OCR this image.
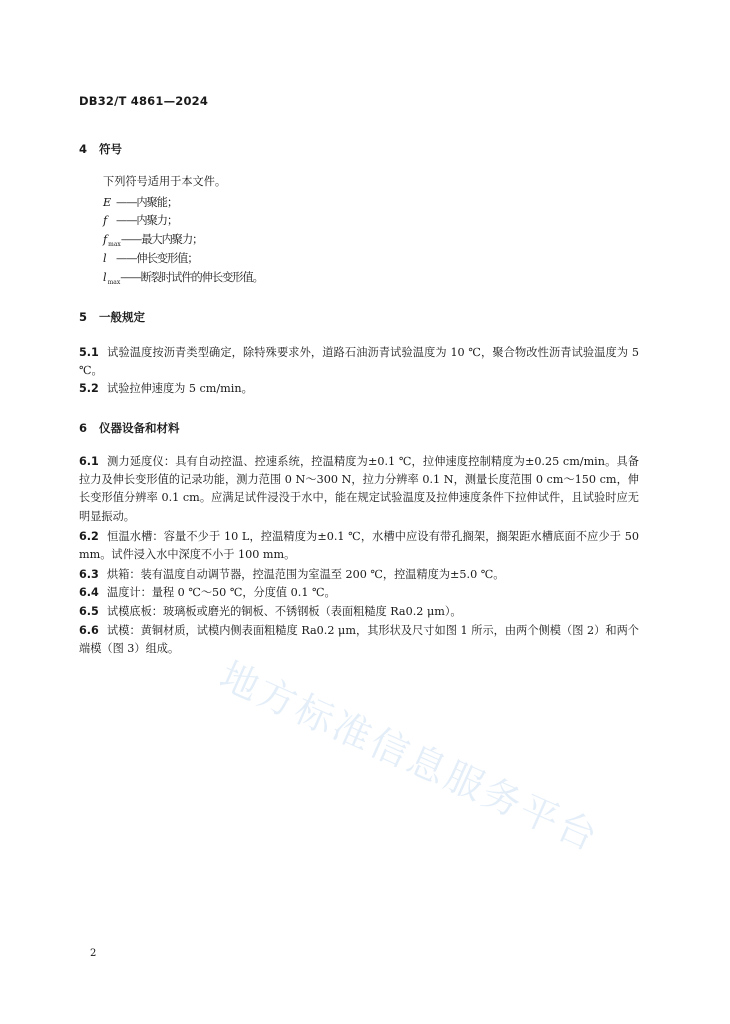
DB32/T 4861—2024
4 符号
下列符号适用于本文件。
E ——内聚能；
f ——内聚力；
$f_{max}——$最大内聚力；
l ——伸长变形值；
$l_{max}——$断裂时试件的伸长变形值。
5 一般规定
5.1 试验温度按沥青类型确定，除特殊要求外，道路石油沥青试验温度为 10 ℃，聚合物改性沥青试验温度为 5 ℃。
5.2 试验拉伸速度为 5 cm/min。
6 仪器设备和材料
6.1 测力延度仪：具有自动控温、控速系统，控温精度为±0.1 ℃，拉伸速度控制精度为±0.25 cm/min。具备拉力及伸长变形值的记录功能，测力范围 0 N～300 N，拉力分辨率 0.1 N，测量长度范围 0 cm～150 cm，伸长变形值分辨率 0.1 cm。应满足试件浸没于水中，能在规定试验温度及拉伸速度条件下拉伸试件，且试验时应无明显振动。
6.2 恒温水槽：容量不少于 10 L，控温精度为±0.1 ℃，水槽中应设有带孔搁架，搁架距水槽底面不应少于 50 mm。试件浸入水中深度不小于 100 mm。
6.3 烘箱：装有温度自动调节器，控温范围为室温至 200 ℃，控温精度为±5.0 ℃。
6.4 温度计：量程 0 ℃～50 ℃，分度值 0.1 ℃。
6.5 试模底板：玻璃板或磨光的铜板、不锈钢板（表面粗糙度 Ra0.2 μm）。
6.6 试模：黄铜材质，试模内侧表面粗糙度 Ra0.2 μm，其形状及尺寸如图 1 所示，由两个侧模（图 2）和两个端模（图 3）组成。
地方标准信息服务平台
2
